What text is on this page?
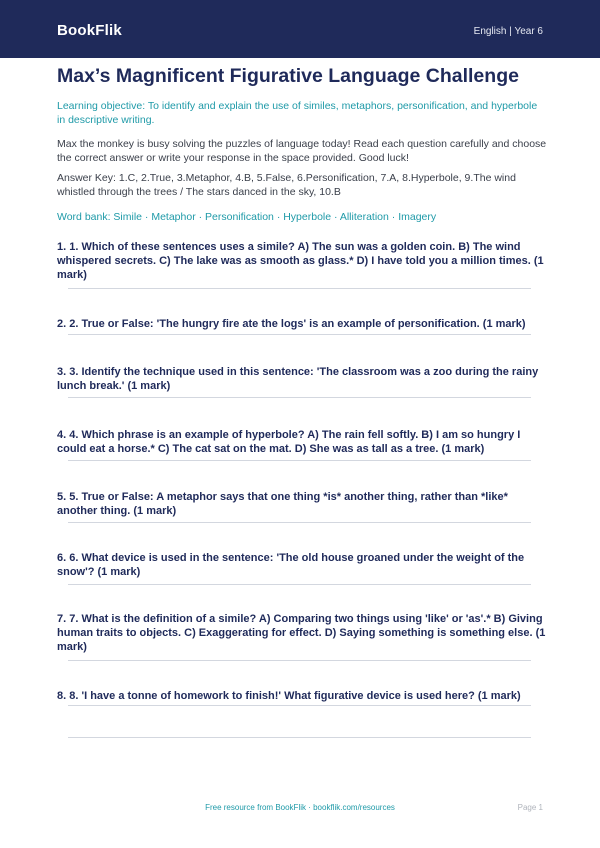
BookFlik	English | Year 6
Max’s Magnificent Figurative Language Challenge
Learning objective: To identify and explain the use of similes, metaphors, personification, and hyperbole in descriptive writing.
Max the monkey is busy solving the puzzles of language today! Read each question carefully and choose the correct answer or write your response in the space provided. Good luck!
Answer Key: 1.C, 2.True, 3.Metaphor, 4.B, 5.False, 6.Personification, 7.A, 8.Hyperbole, 9.The wind whistled through the trees / The stars danced in the sky, 10.B
Word bank: Simile · Metaphor · Personification · Hyperbole · Alliteration · Imagery
1. 1. Which of these sentences uses a simile? A) The sun was a golden coin. B) The wind whispered secrets. C) The lake was as smooth as glass.* D) I have told you a million times. (1 mark)
2. 2. True or False: 'The hungry fire ate the logs' is an example of personification. (1 mark)
3. 3. Identify the technique used in this sentence: 'The classroom was a zoo during the rainy lunch break.' (1 mark)
4. 4. Which phrase is an example of hyperbole? A) The rain fell softly. B) I am so hungry I could eat a horse.* C) The cat sat on the mat. D) She was as tall as a tree. (1 mark)
5. 5. True or False: A metaphor says that one thing *is* another thing, rather than *like* another thing. (1 mark)
6. 6. What device is used in the sentence: 'The old house groaned under the weight of the snow'? (1 mark)
7. 7. What is the definition of a simile? A) Comparing two things using 'like' or 'as'.* B) Giving human traits to objects. C) Exaggerating for effect. D) Saying something is something else. (1 mark)
8. 8. 'I have a tonne of homework to finish!' What figurative device is used here? (1 mark)
Free resource from BookFlik · bookflik.com/resources	Page 1
